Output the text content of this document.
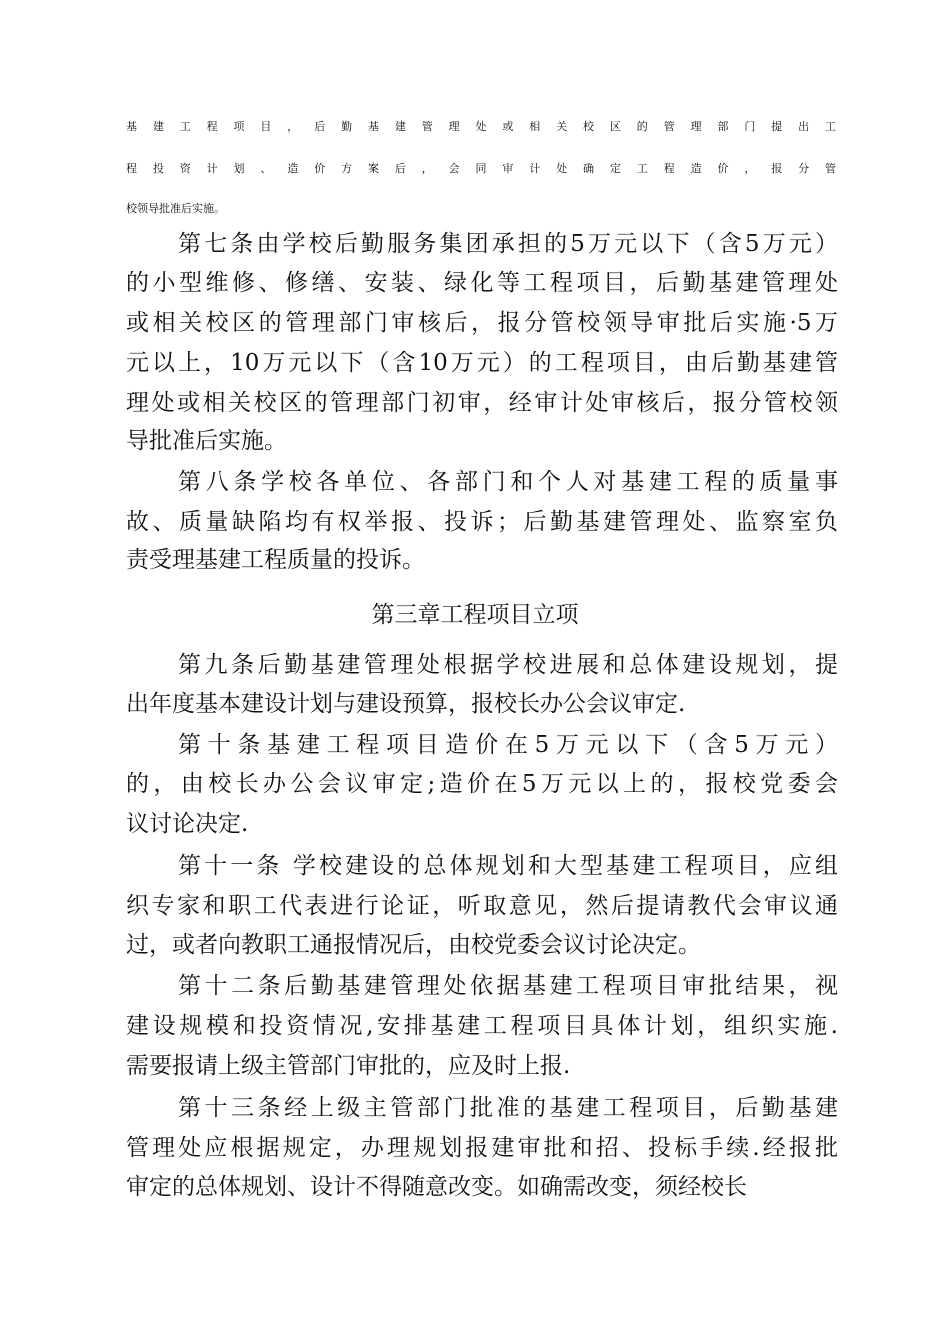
基建工程项目，后勤基建管理处或相关校区的管理部门提出工
程投资计划、造价方案后，会同审计处确定工程造价，报分管
校领导批准后实施。
第七条由学校后勤服务集团承担的5万元以下（含5万元）
的小型维修、修缮、安装、绿化等工程项目，后勤基建管理处
或相关校区的管理部门审核后，报分管校领导审批后实施·5万
元以上，10万元以下（含10万元）的工程项目，由后勤基建管
理处或相关校区的管理部门初审，经审计处审核后，报分管校领
导批准后实施。
第八条学校各单位、各部门和个人对基建工程的质量事
故、质量缺陷均有权举报、投诉；后勤基建管理处、监察室负
责受理基建工程质量的投诉。
第三章工程项目立项
第九条后勤基建管理处根据学校进展和总体建设规划，提
出年度基本建设计划与建设预算，报校长办公会议审定.
第十条基建工程项目造价在5万元以下（含5万元）
的，由校长办公会议审定;造价在5万元以上的，报校党委会
议讨论决定.
第十一条 学校建设的总体规划和大型基建工程项目，应组
织专家和职工代表进行论证，听取意见，然后提请教代会审议通
过，或者向教职工通报情况后，由校党委会议讨论决定。
第十二条后勤基建管理处依据基建工程项目审批结果，视
建设规模和投资情况,安排基建工程项目具体计划，组织实施.
需要报请上级主管部门审批的，应及时上报.
第十三条经上级主管部门批准的基建工程项目，后勤基建
管理处应根据规定，办理规划报建审批和招、投标手续.经报批
审定的总体规划、设计不得随意改变。如确需改变，须经校长
